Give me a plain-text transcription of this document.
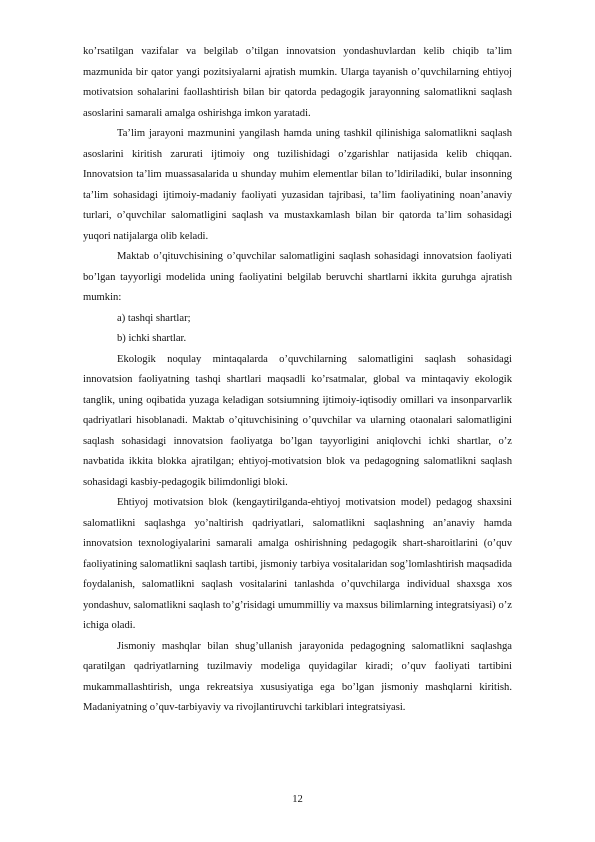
ko’rsatilgan vazifalar va belgilab o’tilgan innovatsion yondashuvlardan kelib chiqib ta’lim mazmunida bir qator yangi pozitsiyalarni ajratish mumkin. Ularga tayanish o’quvchilarning ehtiyoj motivatsion sohalarini faollashtirish bilan bir qatorda pedagogik jarayonning salomatlikni saqlash asoslarini samarali amalga oshirishga imkon yaratadi.

Ta’lim jarayoni mazmunini yangilash hamda uning tashkil qilinishiga salomatlikni saqlash asoslarini kiritish zarurati ijtimoiy ong tuzilishidagi o’zgarishlar natijasida kelib chiqqan. Innovatsion ta’lim muassasalarida u shunday muhim elementlar bilan to’ldiriladiki, bular insonning ta’lim sohasidagi ijtimoiy-madaniy faoliyati yuzasidan tajribasi, ta’lim faoliyatining noan’anaviy turlari, o’quvchilar salomatligini saqlash va mustaxkamlash bilan bir qatorda ta’lim sohasidagi yuqori natijalarga olib keladi.

Maktab o’qituvchisining o’quvchilar salomatligini saqlash sohasidagi innovatsion faoliyati bo’lgan tayyorligi modelida uning faoliyatini belgilab beruvchi shartlarni ikkita guruhga ajratish mumkin:

a) tashqi shartlar;

b) ichki shartlar.

Ekologik noqulay mintaqalarda o’quvchilarning salomatligini saqlash sohasidagi innovatsion faoliyatning tashqi shartlari maqsadli ko’rsatmalar, global va mintaqaviy ekologik tanglik, uning oqibatida yuzaga keladigan sotsiumning ijtimoiy-iqtisodiy omillari va insonparvarlik qadriyatlari hisoblanadi. Maktab o’qituvchisining o’quvchilar va ularning otaonalari salomatligini saqlash sohasidagi innovatsion faoliyatga bo’lgan tayyorligini aniqlovchi ichki shartlar, o’z navbatida ikkita blokka ajratilgan; ehtiyoj-motivatsion blok va pedagogning salomatlikni saqlash sohasidagi kasbiy-pedagogik bilimdonligi bloki.

Ehtiyoj motivatsion blok (kengaytirilganda-ehtiyoj motivatsion model) pedagog shaxsini salomatlikni saqlashga yo’naltirish qadriyatlari, salomatlikni saqlashning an’anaviy hamda innovatsion texnologiyalarini samarali amalga oshirishning pedagogik shart-sharoitlarini (o’quv faoliyatining salomatlikni saqlash tartibi, jismoniy tarbiya vositalaridan sog’lomlashtirish maqsadida foydalanish, salomatlikni saqlash vositalarini tanlashda o’quvchilarga individual shaxsga xos yondashuv, salomatlikni saqlash to’g’risidagi umummilliy va maxsus bilimlarning integratsiyasi) o’z ichiga oladi.

Jismoniy mashqlar bilan shug’ullanish jarayonida pedagogning salomatlikni saqlashga qaratilgan qadriyatlarning tuzilmaviy modeliga quyidagilar kiradi; o’quv faoliyati tartibini mukammallashtirish, unga rekreatsiya xususiyatiga ega bo’lgan jismoniy mashqlarni kiritish. Madaniyatning o’quv-tarbiyaviy va rivojlantiruvchi tarkiblari integratsiyasi.

12
